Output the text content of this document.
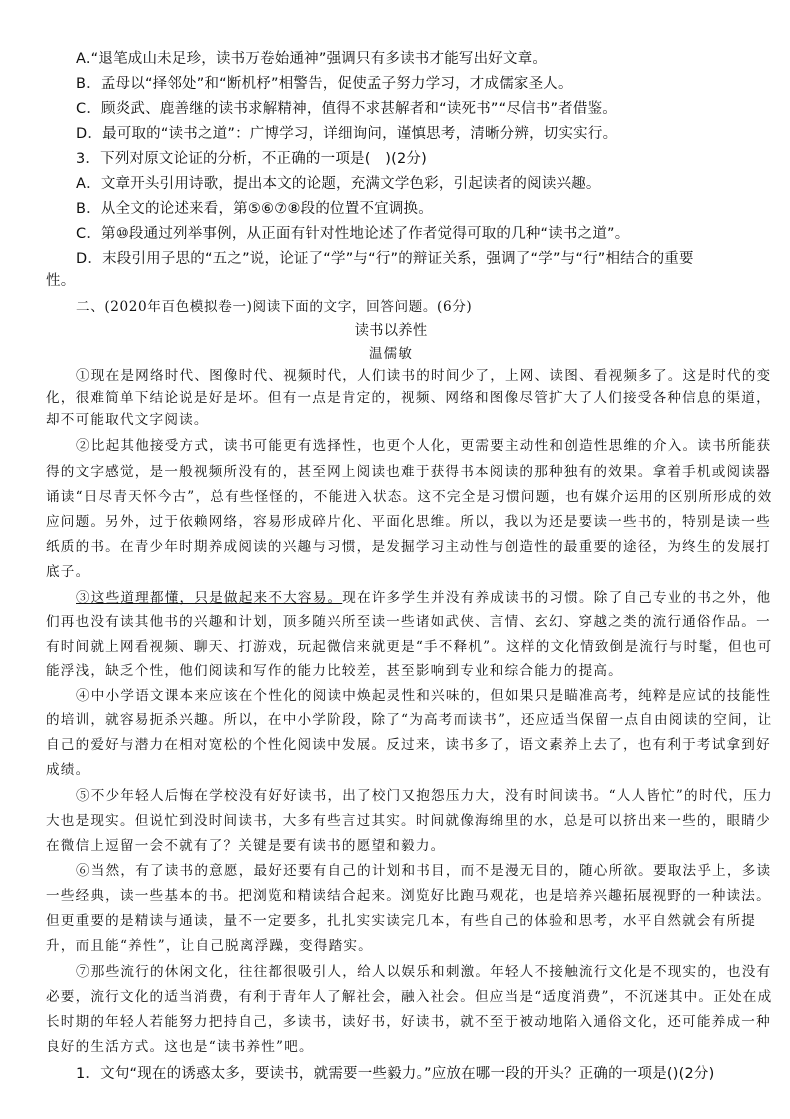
A.“退笔成山未足珍，读书万卷始通神”强调只有多读书才能写出好文章。
B．孟母以“择邻处”和“断机杼”相警告，促使孟子努力学习，才成儒家圣人。
C．顾炎武、鹿善继的读书求解精神，值得不求甚解者和“读死书”“尽信书”者借鉴。
D．最可取的“读书之道”：广博学习，详细询问，谨慎思考，清晰分辨，切实实行。
3．下列对原文论证的分析，不正确的一项是(　)(2分)
A．文章开头引用诗歌，提出本文的论题，充满文学色彩，引起读者的阅读兴趣。
B．从全文的论述来看，第⑤⑥⑦⑧段的位置不宜调换。
C．第⑩段通过列举事例，从正面有针对性地论述了作者觉得可取的几种“读书之道”。
D．末段引用子思的“五之”说，论证了“学”与“行”的辩证关系，强调了“学”与“行”相结合的重要
性。
二、(2020年百色模拟卷一)阅读下面的文字，回答问题。(6分)
读书以养性
温儒敏
①现在是网络时代、图像时代、视频时代，人们读书的时间少了，上网、读图、看视频多了。这是时代的变
化，很难简单下结论说是好是坏。但有一点是肯定的，视频、网络和图像尽管扩大了人们接受各种信息的渠道，
却不可能取代文字阅读。
②比起其他接受方式，读书可能更有选择性，也更个人化，更需要主动性和创造性思维的介入。读书所能获
得的文字感觉，是一般视频所没有的，甚至网上阅读也难于获得书本阅读的那种独有的效果。拿着手机或阅读器
诵读“日尽青天怀今古”，总有些怪怪的，不能进入状态。这不完全是习惯问题，也有媒介运用的区别所形成的效
应问题。另外，过于依赖网络，容易形成碎片化、平面化思维。所以，我以为还是要读一些书的，特别是读一些
纸质的书。在青少年时期养成阅读的兴趣与习惯，是发掘学习主动性与创造性的最重要的途径，为终生的发展打
底子。
③这些道理都懂，只是做起来不大容易。现在许多学生并没有养成读书的习惯。除了自己专业的书之外，他
们再也没有读其他书的兴趣和计划，顶多随兴所至读一些诸如武侠、言情、玄幻、穿越之类的流行通俗作品。一
有时间就上网看视频、聊天、打游戏，玩起微信来就更是“手不释机”。这样的文化情致倒是流行与时髦，但也可
能浮浅，缺乏个性，他们阅读和写作的能力比较差，甚至影响到专业和综合能力的提高。
④中小学语文课本来应该在个性化的阅读中焕起灵性和兴味的，但如果只是瞄准高考，纯粹是应试的技能性
的培训，就容易扼杀兴趣。所以，在中小学阶段，除了“为高考而读书”，还应适当保留一点自由阅读的空间，让
自己的爱好与潜力在相对宽松的个性化阅读中发展。反过来，读书多了，语文素养上去了，也有利于考试拿到好
成绩。
⑤不少年轻人后悔在学校没有好好读书，出了校门又抱怨压力大，没有时间读书。“人人皆忙”的时代，压力
大也是现实。但说忙到没时间读书，大多有些言过其实。时间就像海绵里的水，总是可以挤出来一些的，眼睛少
在微信上逗留一会不就有了？关键是要有读书的愿望和毅力。
⑥当然，有了读书的意愿，最好还要有自己的计划和书目，而不是漫无目的，随心所欲。要取法乎上，多读
一些经典，读一些基本的书。把浏览和精读结合起来。浏览好比跑马观花，也是培养兴趣拓展视野的一种读法。
但更重要的是精读与通读，量不一定要多，扎扎实实读完几本，有些自己的体验和思考，水平自然就会有所提
升，而且能“养性”，让自己脱离浮躁，变得踏实。
⑦那些流行的休闲文化，往往都很吸引人，给人以娱乐和刺激。年轻人不接触流行文化是不现实的，也没有
必要，流行文化的适当消费，有利于青年人了解社会，融入社会。但应当是“适度消费”，不沉迷其中。正处在成
长时期的年轻人若能努力把持自己，多读书，读好书，好读书，就不至于被动地陷入通俗文化，还可能养成一种
良好的生活方式。这也是“读书养性”吧。
1．文句“现在的诱惑太多，要读书，就需要一些毅力。”应放在哪一段的开头？正确的一项是()(2分)
